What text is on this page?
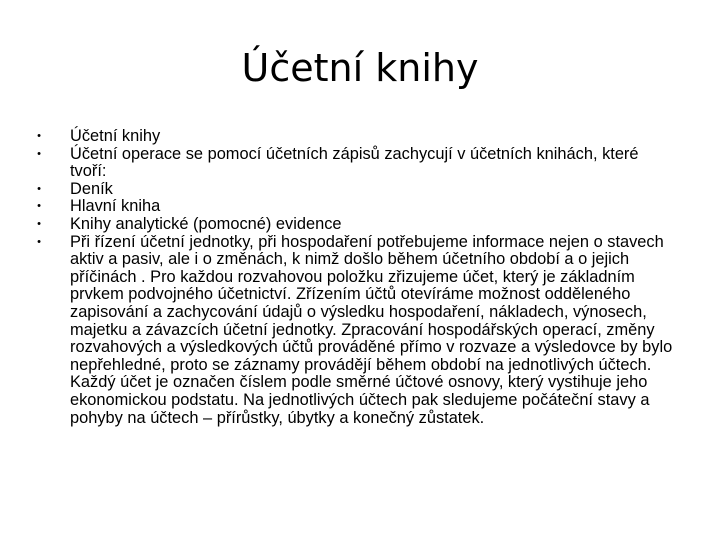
Účetní knihy
• Účetní knihy
• Účetní operace se pomocí účetních zápisů zachycují v účetních knihách, které tvoří:
• Deník
• Hlavní kniha
• Knihy analytické (pomocné) evidence
• Při řízení účetní jednotky, při hospodaření potřebujeme informace nejen o stavech aktiv a pasiv, ale i o změnách, k nimž došlo během účetního období a o jejich příčinách . Pro každou rozvahovou položku zřizujeme účet, který je základním prvkem podvojného účetnictví. Zřízením účtů otevíráme možnost odděleného zapisování a zachycování údajů o výsledku hospodaření, nákladech, výnosech, majetku a závazcích účetní jednotky. Zpracování hospodářských operací, změny rozvahových a výsledkových účtů prováděné přímo v rozvaze a výsledovce by bylo nepřehledné, proto se záznamy provádějí během období na jednotlivých účtech. Každý účet je označen číslem podle směrné účtové osnovy, který vystihuje jeho ekonomickou podstatu. Na jednotlivých účtech pak sledujeme počáteční stavy a pohyby na účtech – přírůstky, úbytky a konečný zůstatek.
